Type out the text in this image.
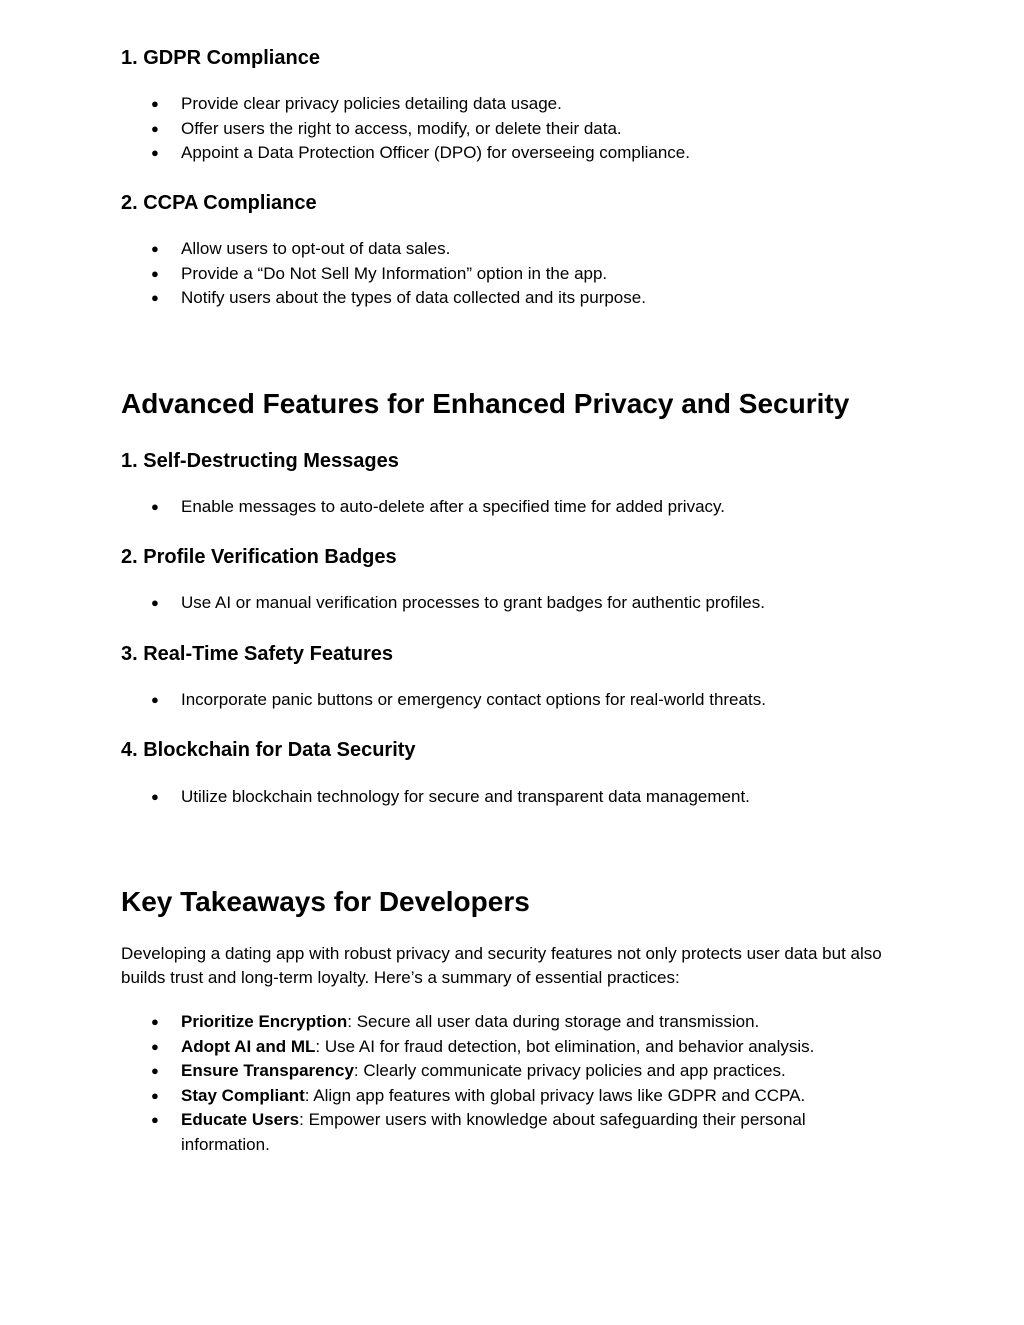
1. GDPR Compliance
● Provide clear privacy policies detailing data usage.
● Offer users the right to access, modify, or delete their data.
● Appoint a Data Protection Officer (DPO) for overseeing compliance.
2. CCPA Compliance
● Allow users to opt-out of data sales.
● Provide a “Do Not Sell My Information” option in the app.
● Notify users about the types of data collected and its purpose.
Advanced Features for Enhanced Privacy and Security
1. Self-Destructing Messages
● Enable messages to auto-delete after a specified time for added privacy.
2. Profile Verification Badges
● Use AI or manual verification processes to grant badges for authentic profiles.
3. Real-Time Safety Features
● Incorporate panic buttons or emergency contact options for real-world threats.
4. Blockchain for Data Security
● Utilize blockchain technology for secure and transparent data management.
Key Takeaways for Developers

Developing a dating app with robust privacy and security features not only protects user data but also builds trust and long-term loyalty. Here’s a summary of essential practices:

● Prioritize Encryption: Secure all user data during storage and transmission.
● Adopt AI and ML: Use AI for fraud detection, bot elimination, and behavior analysis.
● Ensure Transparency: Clearly communicate privacy policies and app practices.
● Stay Compliant: Align app features with global privacy laws like GDPR and CCPA.
● Educate Users: Empower users with knowledge about safeguarding their personal information.
